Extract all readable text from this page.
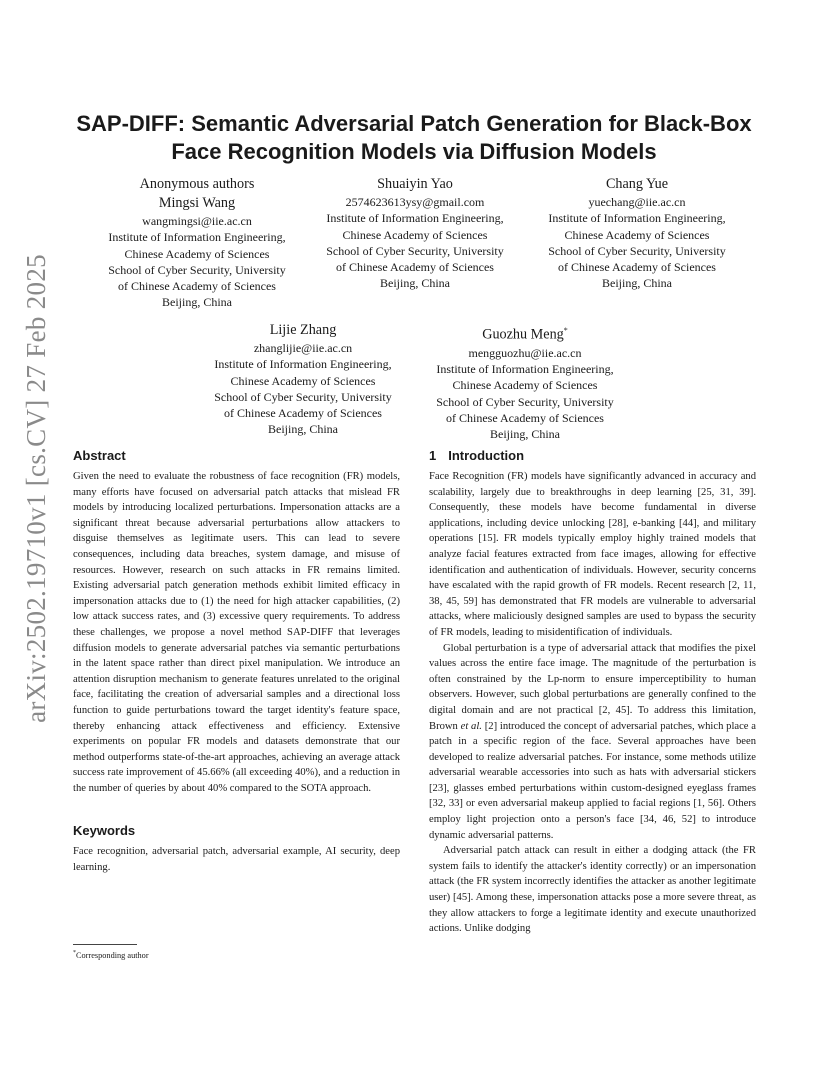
arXiv:2502.19710v1 [cs.CV] 27 Feb 2025
SAP-DIFF: Semantic Adversarial Patch Generation for Black-Box
Face Recognition Models via Diffusion Models
Anonymous authors
Mingsi Wang
wangmingsi@iie.ac.cn
Institute of Information Engineering,
Chinese Academy of Sciences
School of Cyber Security, University
of Chinese Academy of Sciences
Beijing, China
Shuaiyin Yao
2574623613ysy@gmail.com
Institute of Information Engineering,
Chinese Academy of Sciences
School of Cyber Security, University
of Chinese Academy of Sciences
Beijing, China
Chang Yue
yuechang@iie.ac.cn
Institute of Information Engineering,
Chinese Academy of Sciences
School of Cyber Security, University
of Chinese Academy of Sciences
Beijing, China
Lijie Zhang
zhanglijie@iie.ac.cn
Institute of Information Engineering,
Chinese Academy of Sciences
School of Cyber Security, University
of Chinese Academy of Sciences
Beijing, China
Guozhu Meng*
mengguozhu@iie.ac.cn
Institute of Information Engineering,
Chinese Academy of Sciences
School of Cyber Security, University
of Chinese Academy of Sciences
Beijing, China
Abstract

Given the need to evaluate the robustness of face recognition (FR) models, many efforts have focused on adversarial patch attacks that mislead FR models by introducing localized perturbations. Impersonation attacks are a significant threat because adversarial perturbations allow attackers to disguise themselves as legitimate users. This can lead to severe consequences, including data breaches, system damage, and misuse of resources. However, research on such attacks in FR remains limited. Existing adversarial patch generation methods exhibit limited efficacy in impersonation attacks due to (1) the need for high attacker capabilities, (2) low attack success rates, and (3) excessive query requirements. To address these challenges, we propose a novel method SAP-DIFF that leverages diffusion models to generate adversarial patches via semantic perturbations in the latent space rather than direct pixel manipulation. We introduce an attention disruption mechanism to generate features unrelated to the original face, facilitating the creation of adversarial samples and a directional loss function to guide perturbations toward the target identity's feature space, thereby enhancing attack effectiveness and efficiency. Extensive experiments on popular FR models and datasets demonstrate that our method outperforms state-of-the-art approaches, achieving an average attack success rate improvement of 45.66% (all exceeding 40%), and a reduction in the number of queries by about 40% compared to the SOTA approach.

Keywords

Face recognition, adversarial patch, adversarial example, AI security, deep learning.

1 Introduction

Face Recognition (FR) models have significantly advanced in accuracy and scalability, largely due to breakthroughs in deep learning [25, 31, 39]. Consequently, these models have become fundamental in diverse applications, including device unlocking [28], e-banking [44], and military operations [15]. FR models typically employ highly trained models that analyze facial features extracted from face images, allowing for effective identification and authentication of individuals. However, security concerns have escalated with the rapid growth of FR models. Recent research [2, 11, 38, 45, 59] has demonstrated that FR models are vulnerable to adversarial attacks, where maliciously designed samples are used to bypass the security of FR models, leading to misidentification of individuals.

Global perturbation is a type of adversarial attack that modifies the pixel values across the entire face image. The magnitude of the perturbation is often constrained by the Lp-norm to ensure imperceptibility to human observers. However, such global perturbations are generally confined to the digital domain and are not practical [2, 45]. To address this limitation, Brown et al. [2] introduced the concept of adversarial patches, which place a patch in a specific region of the face. Several approaches have been developed to realize adversarial patches. For instance, some methods utilize adversarial wearable accessories into such as hats with adversarial stickers [23], glasses embed perturbations within custom-designed eyeglass frames [32, 33] or even adversarial makeup applied to facial regions [1, 56]. Others employ light projection onto a person's face [34, 46, 52] to introduce dynamic adversarial patterns.

Adversarial patch attack can result in either a dodging attack (the FR system fails to identify the attacker's identity correctly) or an impersonation attack (the FR system incorrectly identifies the attacker as another legitimate user) [45]. Among these, impersonation attacks pose a more severe threat, as they allow attackers to forge a legitimate identity and execute unauthorized actions. Unlike dodging

*Corresponding author
